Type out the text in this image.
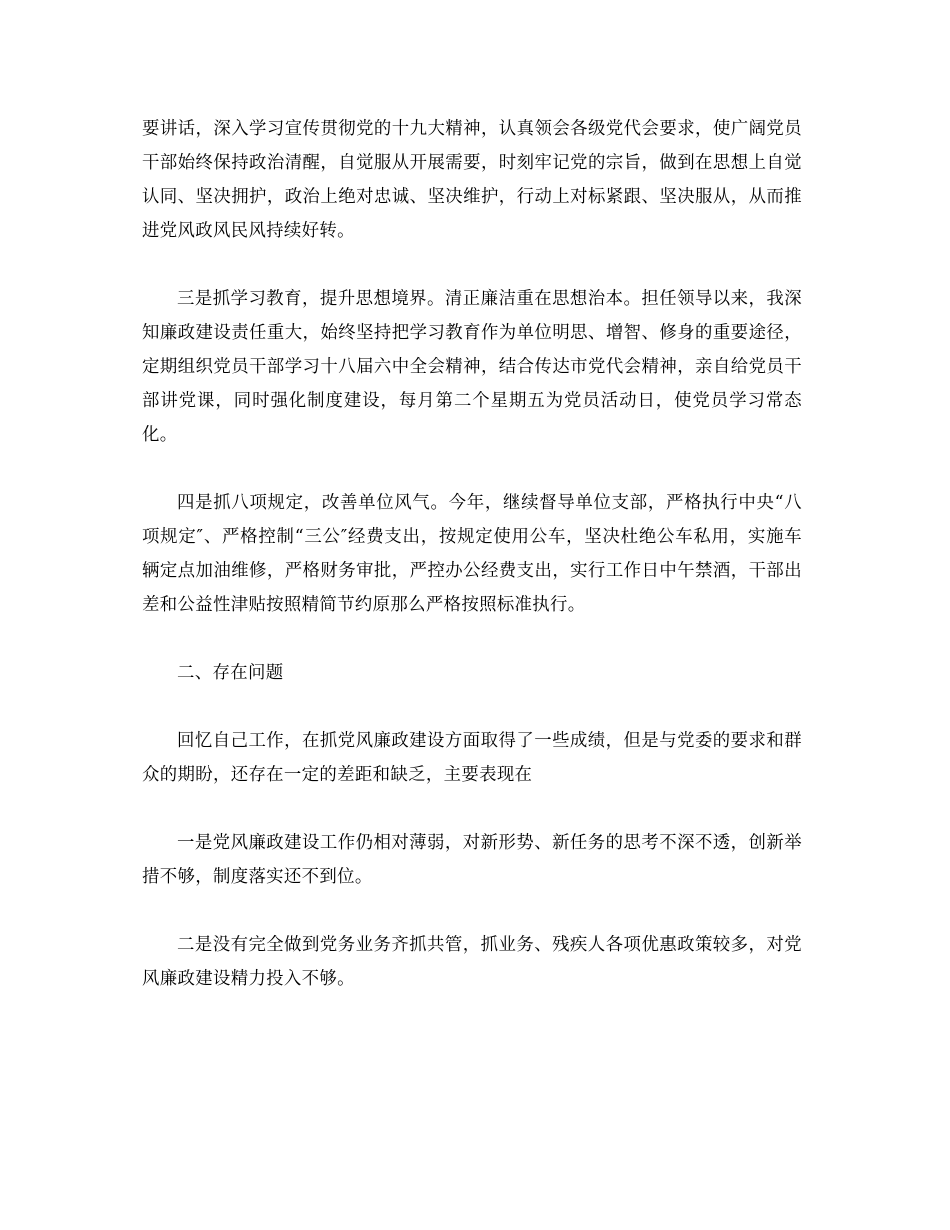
要讲话，深入学习宣传贯彻党的十九大精神，认真领会各级党代会要求，使广阔党员干部始终保持政治清醒，自觉服从开展需要，时刻牢记党的宗旨，做到在思想上自觉认同、坚决拥护，政治上绝对忠诚、坚决维护，行动上对标紧跟、坚决服从，从而推进党风政风民风持续好转。

三是抓学习教育，提升思想境界。清正廉洁重在思想治本。担任领导以来，我深知廉政建设责任重大，始终坚持把学习教育作为单位明思、增智、修身的重要途径，定期组织党员干部学习十八届六中全会精神，结合传达市党代会精神，亲自给党员干部讲党课，同时强化制度建设，每月第二个星期五为党员活动日，使党员学习常态化。

四是抓八项规定，改善单位风气。今年，继续督导单位支部，严格执行中央“八项规定″、严格控制“三公″经费支出，按规定使用公车，坚决杜绝公车私用，实施车辆定点加油维修，严格财务审批，严控办公经费支出，实行工作日中午禁酒，干部出差和公益性津贴按照精简节约原那么严格按照标准执行。

二、存在问题

回忆自己工作，在抓党风廉政建设方面取得了一些成绩，但是与党委的要求和群众的期盼，还存在一定的差距和缺乏，主要表现在

一是党风廉政建设工作仍相对薄弱，对新形势、新任务的思考不深不透，创新举措不够，制度落实还不到位。

二是没有完全做到党务业务齐抓共管，抓业务、残疾人各项优惠政策较多，对党风廉政建设精力投入不够。
